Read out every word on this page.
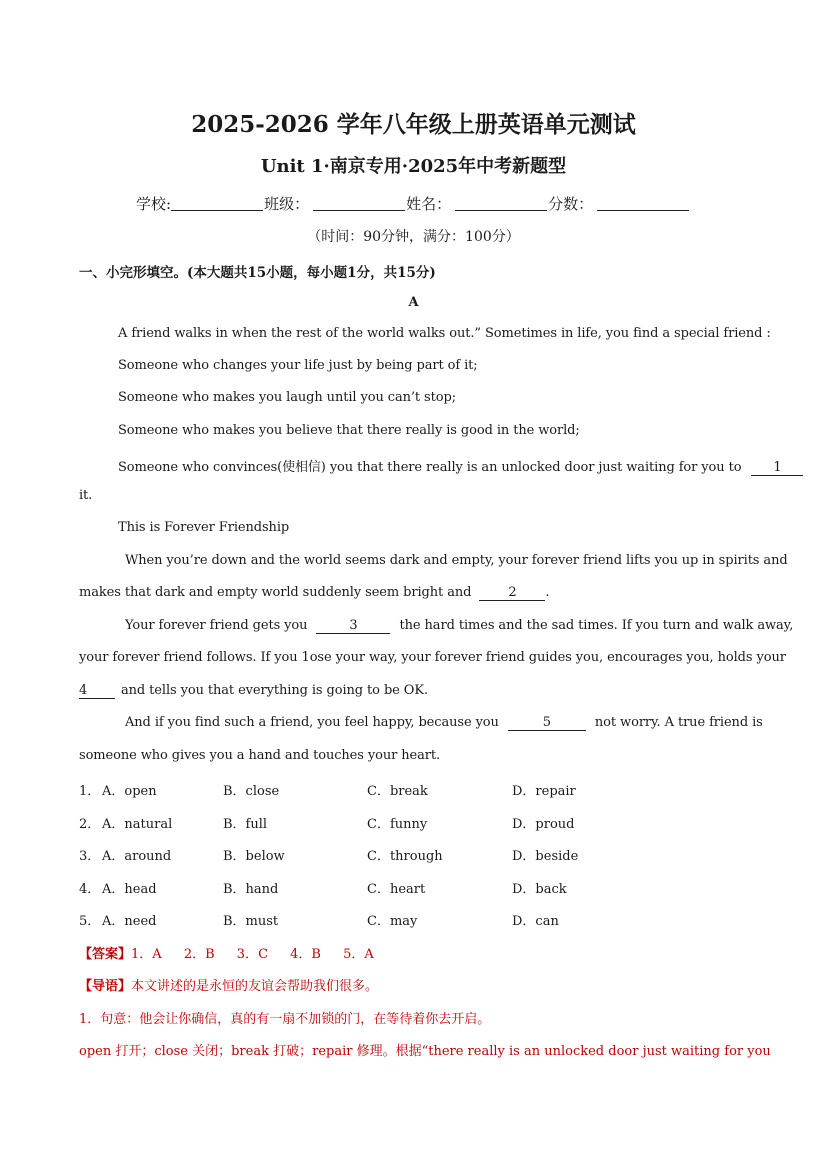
2025-2026 学年八年级上册英语单元测试
Unit 1·南京专用·2025年中考新题型
学校:	班级：	姓名：	分数：
（时间：90分钟，满分：100分）
一、小完形填空。(本大题共15小题，每小题1分，共15分)
A
A friend walks in when the rest of the world walks out.” Sometimes in life, you find a special friend :
Someone who changes your life just by being part of it;
Someone who makes you laugh until you can’t stop;
Someone who makes you believe that there really is good in the world;
Someone who convinces(使相信) you that there really is an unlocked door just waiting for you to 1
it.
This is Forever Friendship
When you’re down and the world seems dark and empty, your forever friend lifts you up in spirits and
makes that dark and empty world suddenly seem bright and	2 .
Your forever friend gets you	3	the hard times and the sad times. If you turn and walk away,
your forever friend follows. If you 1ose your way, your forever friend guides you, encourages you, holds your
4	and tells you that everything is going to be OK.
And if you find such a friend, you feel happy, because you	5	not worry. A true friend is
someone who gives you a hand and touches your heart.
1． A．open	B．close	C．break	D．repair
2． A．natural	B．full	C．funny	D．proud
3． A．around	B．below	C．through	D．beside
4． A．head	B．hand	C．heart	D．back
5． A．need	B．must	C．may	D．can
【答案】1．A 2．B 3．C 4．B 5．A
【导语】本文讲述的是永恒的友谊会帮助我们很多。
1．句意：他会让你确信，真的有一扇不加锁的门，在等待着你去开启。
open 打开；close 关闭；break 打破；repair 修理。根据“there really is an unlocked door just waiting for you
